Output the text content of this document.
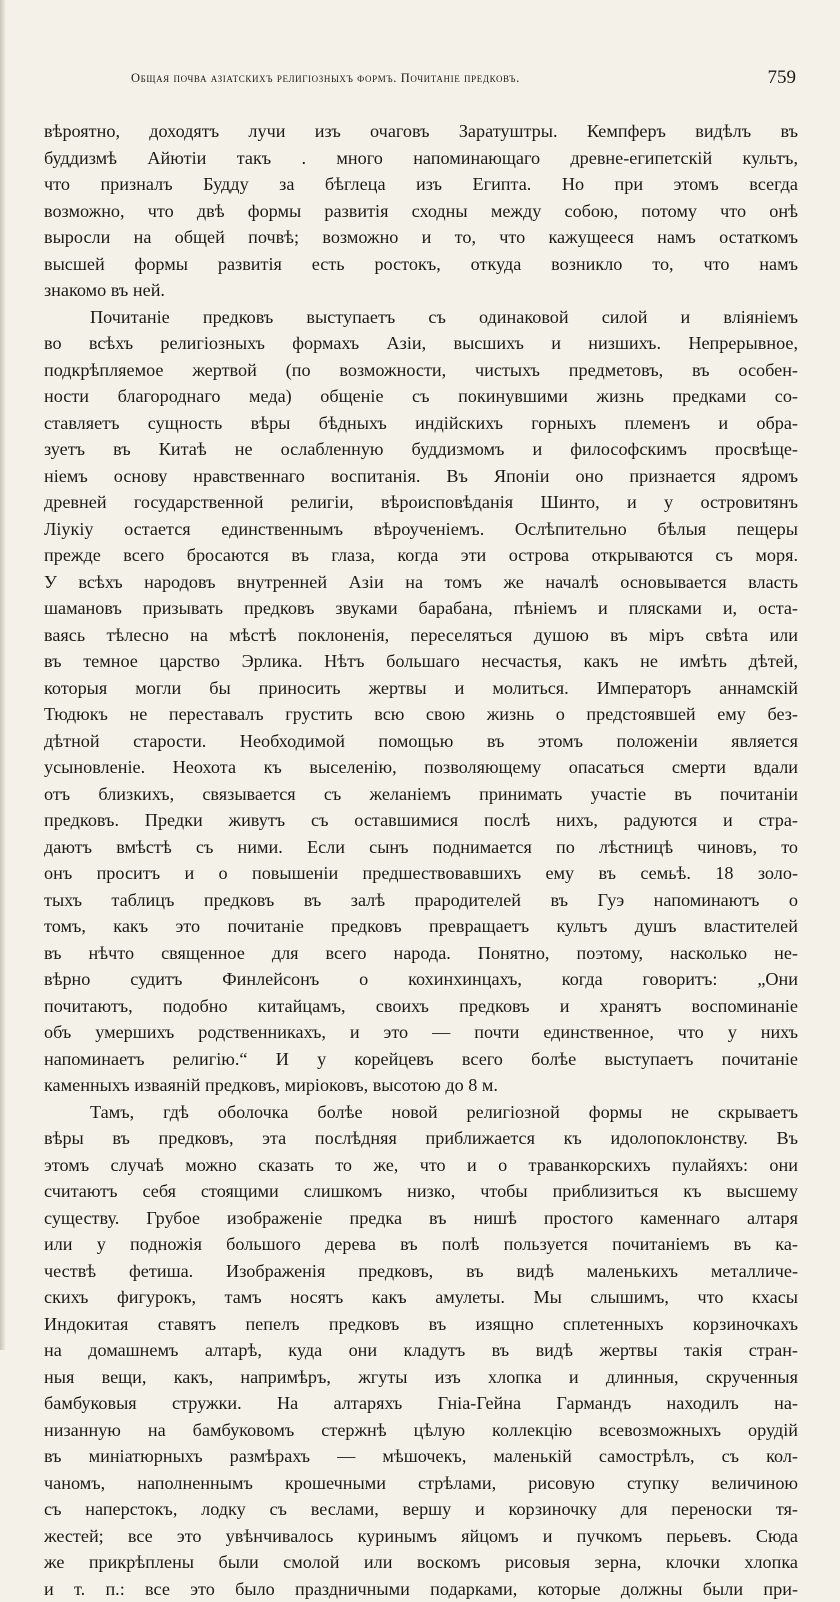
Общая почва азіатскихъ религіозныхъ формъ. Почитаніе предковъ.	759
вѣроятно, доходятъ лучи изъ очаговъ Заратуштры. Кемпферъ видѣлъ въ
буддизмѣ Айютіи такъ . много напоминающаго древне-египетскій культъ,
что призналъ Будду за бѣглеца изъ Египта. Но при этомъ всегда
возможно, что двѣ формы развитія сходны между собою, потому что онѣ
выросли на общей почвѣ; возможно и то, что кажущееся намъ остаткомъ
высшей формы развитія есть ростокъ, откуда возникло то, что намъ
знакомо въ ней.
Почитаніе предковъ выступаетъ съ одинаковой силой и вліяніемъ
во всѣхъ религіозныхъ формахъ Азіи, высшихъ и низшихъ. Непрерывное,
подкрѣпляемое жертвой (по возможности, чистыхъ предметовъ, въ особен-
ности благороднаго меда) общеніе съ покинувшими жизнь предками со-
ставляетъ сущность вѣры бѣдныхъ индійскихъ горныхъ племенъ и обра-
зуетъ въ Китаѣ не ослабленную буддизмомъ и философскимъ просвѣще-
ніемъ основу нравственнаго воспитанія. Въ Японіи оно признается ядромъ
древней государственной религіи, вѣроисповѣданія Шинто, и у островитянъ
Ліукіу остается единственнымъ вѣроученіемъ. Ослѣпительно бѣлыя пещеры
прежде всего бросаются въ глаза, когда эти острова открываются съ моря.
У всѣхъ народовъ внутренней Азіи на томъ же началѣ основывается власть
шамановъ призывать предковъ звуками барабана, пѣніемъ и плясками и, оста-
ваясь тѣлесно на мѣстѣ поклоненія, переселяться душою въ міръ свѣта или
въ темное царство Эрлика. Нѣтъ большаго несчастья, какъ не имѣть дѣтей,
которыя могли бы приносить жертвы и молиться. Императоръ аннамскій
Тюдюкъ не переставалъ грустить всю свою жизнь о предстоявшей ему без-
дѣтной старости. Необходимой помощью въ этомъ положеніи является
усыновленіе. Неохота къ выселенію, позволяющему опасаться смерти вдали
отъ близкихъ, связывается съ желаніемъ принимать участіе въ почитаніи
предковъ. Предки живутъ съ оставшимися послѣ нихъ, радуются и стра-
даютъ вмѣстѣ съ ними. Если сынъ поднимается по лѣстницѣ чиновъ, то
онъ проситъ и о повышеніи предшествовавшихъ ему въ семьѣ. 18 золо-
тыхъ таблицъ предковъ въ залѣ прародителей въ Гуэ напоминаютъ о
томъ, какъ это почитаніе предковъ превращаетъ культъ душъ властителей
въ нѣчто священное для всего народа. Понятно, поэтому, насколько не-
вѣрно судитъ Финлейсонъ о кохинхинцахъ, когда говоритъ: „Они
почитаютъ, подобно китайцамъ, своихъ предковъ и хранятъ воспоминаніе
объ умершихъ родственникахъ, и это — почти единственное, что у нихъ
напоминаетъ религію.“ И у корейцевъ всего болѣе выступаетъ почитаніе
каменныхъ изваяній предковъ, миріоковъ, высотою до 8 м.
Тамъ, гдѣ оболочка болѣе новой религіозной формы не скрываетъ
вѣры въ предковъ, эта послѣдняя приближается къ идолопоклонству. Въ
этомъ случаѣ можно сказать то же, что и о траванкорскихъ пулайяхъ: они
считаютъ себя стоящими слишкомъ низко, чтобы приблизиться къ высшему
существу. Грубое изображеніе предка въ нишѣ простого каменнаго алтаря
или у подножія большого дерева въ полѣ пользуется почитаніемъ въ ка-
чествѣ фетиша. Изображенія предковъ, въ видѣ маленькихъ металличе-
скихъ фигурокъ, тамъ носятъ какъ амулеты. Мы слышимъ, что кхасы
Индокитая ставятъ пепелъ предковъ въ изящно сплетенныхъ корзиночкахъ
на домашнемъ алтарѣ, куда они кладутъ въ видѣ жертвы такія стран-
ныя вещи, какъ, напримѣръ, жгуты изъ хлопка и длинныя, скрученныя
бамбуковыя стружки. На алтаряхъ Гніа-Гейна Гармандъ находилъ на-
низанную на бамбуковомъ стержнѣ цѣлую коллекцію всевозможныхъ орудій
въ миніатюрныхъ размѣрахъ — мѣшочекъ, маленькій самострѣлъ, съ кол-
чаномъ, наполненнымъ крошечными стрѣлами, рисовую ступку величиною
съ наперстокъ, лодку съ веслами, вершу и корзиночку для переноски тя-
жестей; все это увѣнчивалось куринымъ яйцомъ и пучкомъ перьевъ. Сюда
же прикрѣплены были смолой или воскомъ рисовыя зерна, клочки хлопка
и т. п.: все это было праздничными подарками, которые должны были при-
